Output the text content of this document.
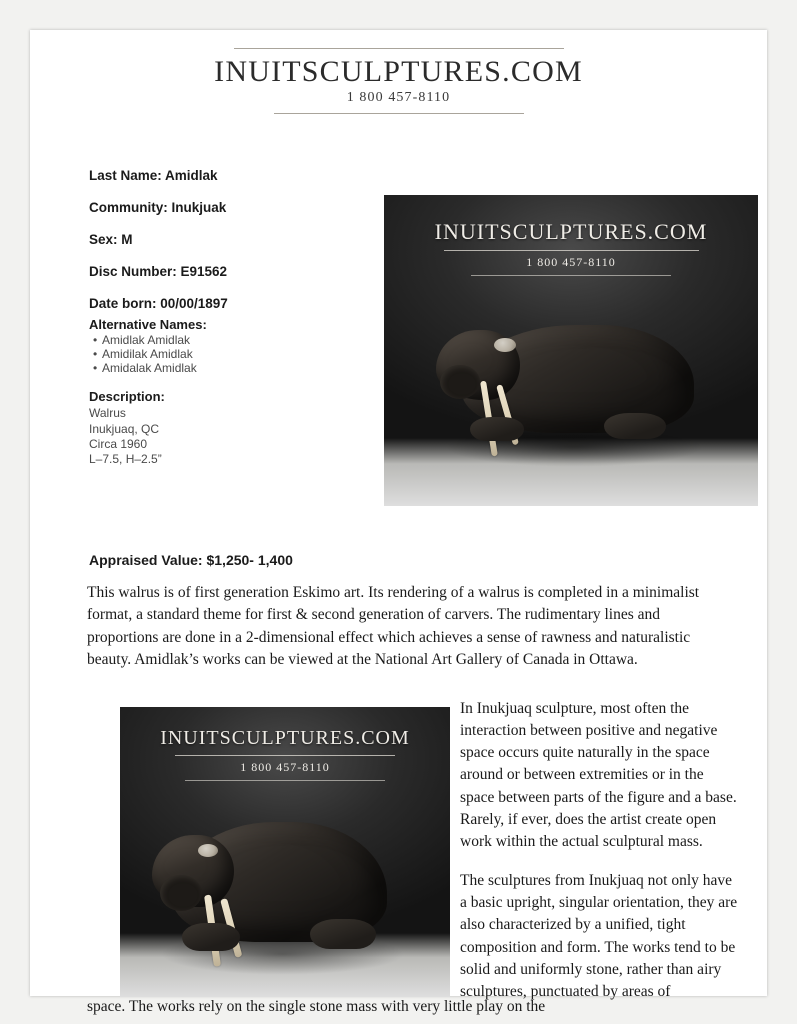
INUITSCULPTURES.COM
1 800 457-8110
Last Name: Amidlak
Community: Inukjuak
Sex: M
Disc Number: E91562
Date born: 00/00/1897
Alternative Names:
• Amidlak Amidlak
• Amidilak Amidlak
• Amidalak Amidlak
Description:
Walrus
Inukjuaq, QC
Circa 1960
L–7.5, H–2.5”
INUITSCULPTURES.COM
1 800 457-8110
Appraised Value: $1,250- 1,400
This walrus is of first generation Eskimo art. Its rendering of a walrus is completed in a minimalist format, a standard theme for first & second generation of carvers. The rudimentary lines and proportions are done in a 2-dimensional effect which achieves a sense of rawness and naturalistic beauty. Amidlak’s works can be viewed at the National Art Gallery of Canada in Ottawa.
INUITSCULPTURES.COM
1 800 457-8110

In Inukjuaq sculpture, most often the interaction between positive and negative space occurs quite naturally in the space around or between extremities or in the space between parts of the figure and a base. Rarely, if ever, does the artist create open work within the actual sculptural mass.

The sculptures from Inukjuaq not only have a basic upright, singular orientation, they are also characterized by a unified, tight composition and form. The works tend to be solid and uniformly stone, rather than airy sculptures, punctuated by areas of

space. The works rely on the single stone mass with very little play on the
